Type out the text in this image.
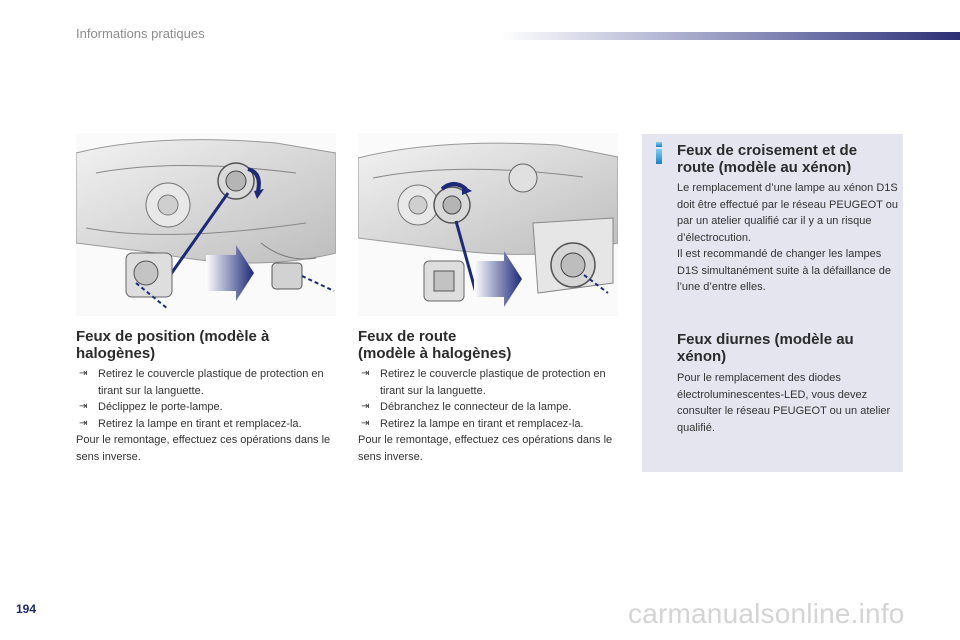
Informations pratiques
Feux de position (modèle à
halogènes)
⇥ Retirez le couvercle plastique de protection en tirant sur la languette.
⇥ Déclippez le porte-lampe.
⇥ Retirez la lampe en tirant et remplacez-la.
Pour le remontage, effectuez ces opérations dans le sens inverse.
Feux de route
(modèle à halogènes)
⇥ Retirez le couvercle plastique de protection en tirant sur la languette.
⇥ Débranchez le connecteur de la lampe.
⇥ Retirez la lampe en tirant et remplacez-la.
Pour le remontage, effectuez ces opérations dans le sens inverse.
Feux de croisement et de
route (modèle au xénon)
Le remplacement d’une lampe au xénon D1S doit être effectué par le réseau PEUGEOT ou par un atelier qualifié car il y a un risque d’électrocution.
Il est recommandé de changer les lampes D1S simultanément suite à la défaillance de l’une d’entre elles.
Feux diurnes (modèle au
xénon)
Pour le remplacement des diodes électroluminescentes-LED, vous devez consulter le réseau PEUGEOT ou un atelier qualifié.
194	carmanualsonline.info
